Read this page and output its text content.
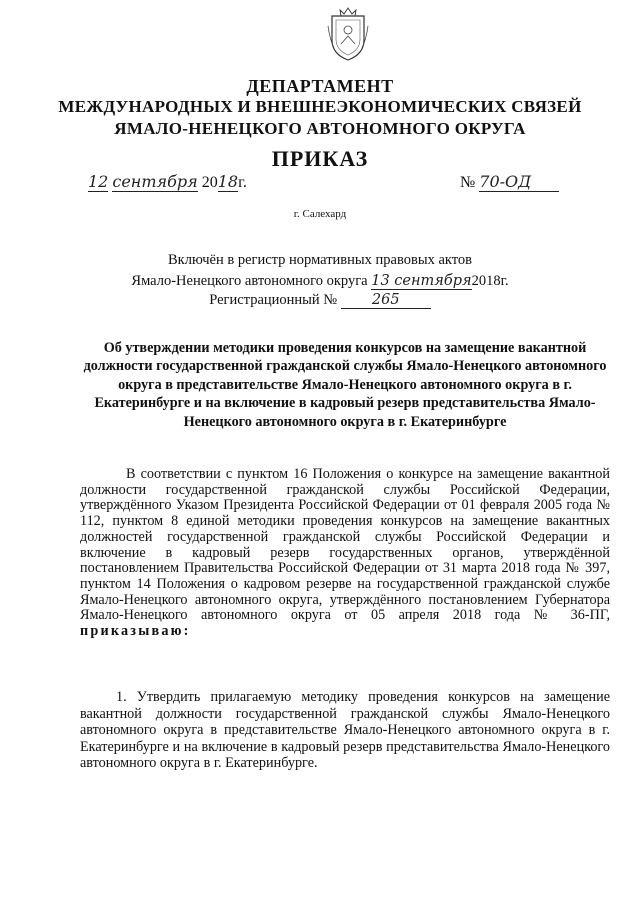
ДЕПАРТАМЕНТ
МЕЖДУНАРОДНЫХ И ВНЕШНЕЭКОНОМИЧЕСКИХ СВЯЗЕЙ
ЯМАЛО-НЕНЕЦКОГО АВТОНОМНОГО ОКРУГА
ПРИКАЗ
12 сентября 2018г.	№ 70-ОД
г. Салехард
Включён в регистр нормативных правовых актов
Ямало-Ненецкого автономного округа 13 сентября2018г.
Регистрационный № 265
Об утверждении методики проведения конкурсов на замещение вакантной должности государственной гражданской службы Ямало-Ненецкого автономного округа в представительстве Ямало-Ненецкого автономного округа в г. Екатеринбурге и на включение в кадровый резерв представительства Ямало-Ненецкого автономного округа в г. Екатеринбурге
В соответствии с пунктом 16 Положения о конкурсе на замещение вакантной должности государственной гражданской службы Российской Федерации, утверждённого Указом Президента Российской Федерации от 01 февраля 2005 года № 112, пунктом 8 единой методики проведения конкурсов на замещение вакантных должностей государственной гражданской службы Российской Федерации и включение в кадровый резерв государственных органов, утверждённой постановлением Правительства Российской Федерации от 31 марта 2018 года № 397, пунктом 14 Положения о кадровом резерве на государственной гражданской службе Ямало-Ненецкого автономного округа, утверждённого постановлением Губернатора Ямало-Ненецкого автономного округа от 05 апреля 2018 года № 36-ПГ, приказываю:
1. Утвердить прилагаемую методику проведения конкурсов на замещение вакантной должности государственной гражданской службы Ямало-Ненецкого автономного округа в представительстве Ямало-Ненецкого автономного округа в г. Екатеринбурге и на включение в кадровый резерв представительства Ямало-Ненецкого автономного округа в г. Екатеринбурге.
